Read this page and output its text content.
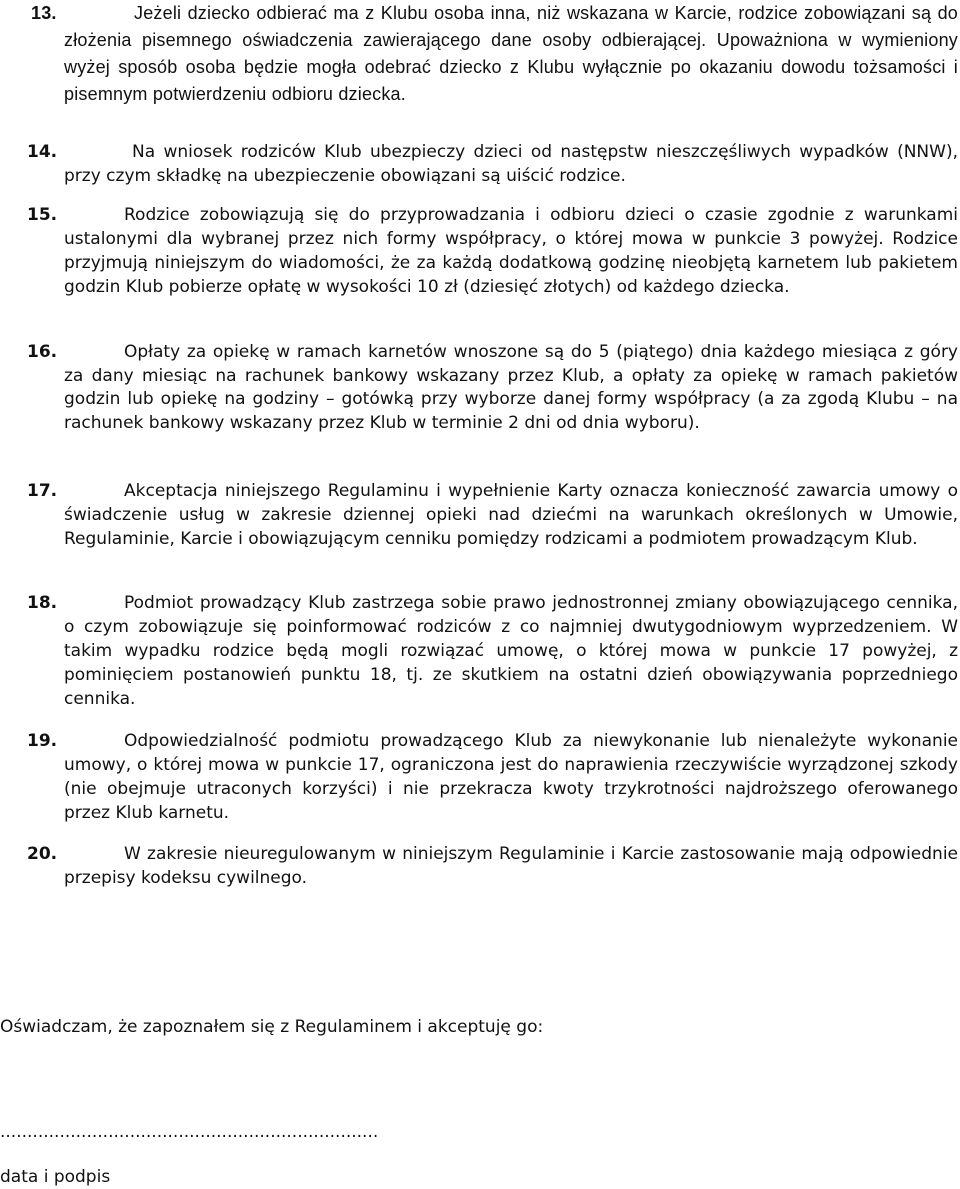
13.	Jeżeli dziecko odbierać ma z Klubu osoba inna, niż wskazana w Karcie, rodzice zobowiązani są do złożenia pisemnego oświadczenia zawierającego dane osoby odbierającej. Upoważniona w wymieniony wyżej sposób osoba będzie mogła odebrać dziecko z Klubu wyłącznie po okazaniu dowodu tożsamości i pisemnym potwierdzeniu odbioru dziecka.
14.	Na wniosek rodziców Klub ubezpieczy dzieci od następstw nieszczęśliwych wypadków (NNW), przy czym składkę na ubezpieczenie obowiązani są uiścić rodzice.
15.	Rodzice zobowiązują się do przyprowadzania i odbioru dzieci o czasie zgodnie z warunkami ustalonymi dla wybranej przez nich formy współpracy, o której mowa w punkcie 3 powyżej. Rodzice przyjmują niniejszym do wiadomości, że za każdą dodatkową godzinę nieobjętą karnetem lub pakietem godzin Klub pobierze opłatę w wysokości 10 zł (dziesięć złotych) od każdego dziecka.
16.	Opłaty za opiekę w ramach karnetów wnoszone są do 5 (piątego) dnia każdego miesiąca z góry za dany miesiąc na rachunek bankowy wskazany przez Klub, a opłaty za opiekę w ramach pakietów godzin lub opiekę na godziny – gotówką przy wyborze danej formy współpracy (a za zgodą Klubu – na rachunek bankowy wskazany przez Klub w terminie 2 dni od dnia wyboru).
17.	Akceptacja niniejszego Regulaminu i wypełnienie Karty oznacza konieczność zawarcia umowy o świadczenie usług w zakresie dziennej opieki nad dziećmi na warunkach określonych w Umowie, Regulaminie, Karcie i obowiązującym cenniku pomiędzy rodzicami a podmiotem prowadzącym Klub.
18.	Podmiot prowadzący Klub zastrzega sobie prawo jednostronnej zmiany obowiązującego cennika, o czym zobowiązuje się poinformować rodziców z co najmniej dwutygodniowym wyprzedzeniem. W takim wypadku rodzice będą mogli rozwiązać umowę, o której mowa w punkcie 17 powyżej, z pominięciem postanowień punktu 18, tj. ze skutkiem na ostatni dzień obowiązywania poprzedniego cennika.
19.	Odpowiedzialność podmiotu prowadzącego Klub za niewykonanie lub nienależyte wykonanie umowy, o której mowa w punkcie 17, ograniczona jest do naprawienia rzeczywiście wyrządzonej szkody (nie obejmuje utraconych korzyści) i nie przekracza kwoty trzykrotności najdroższego oferowanego przez Klub karnetu.
20.	W zakresie nieuregulowanym w niniejszym Regulaminie i Karcie zastosowanie mają odpowiednie przepisy kodeksu cywilnego.
Oświadczam, że zapoznałem się z Regulaminem i akceptuję go:
......................................................................
data i podpis
